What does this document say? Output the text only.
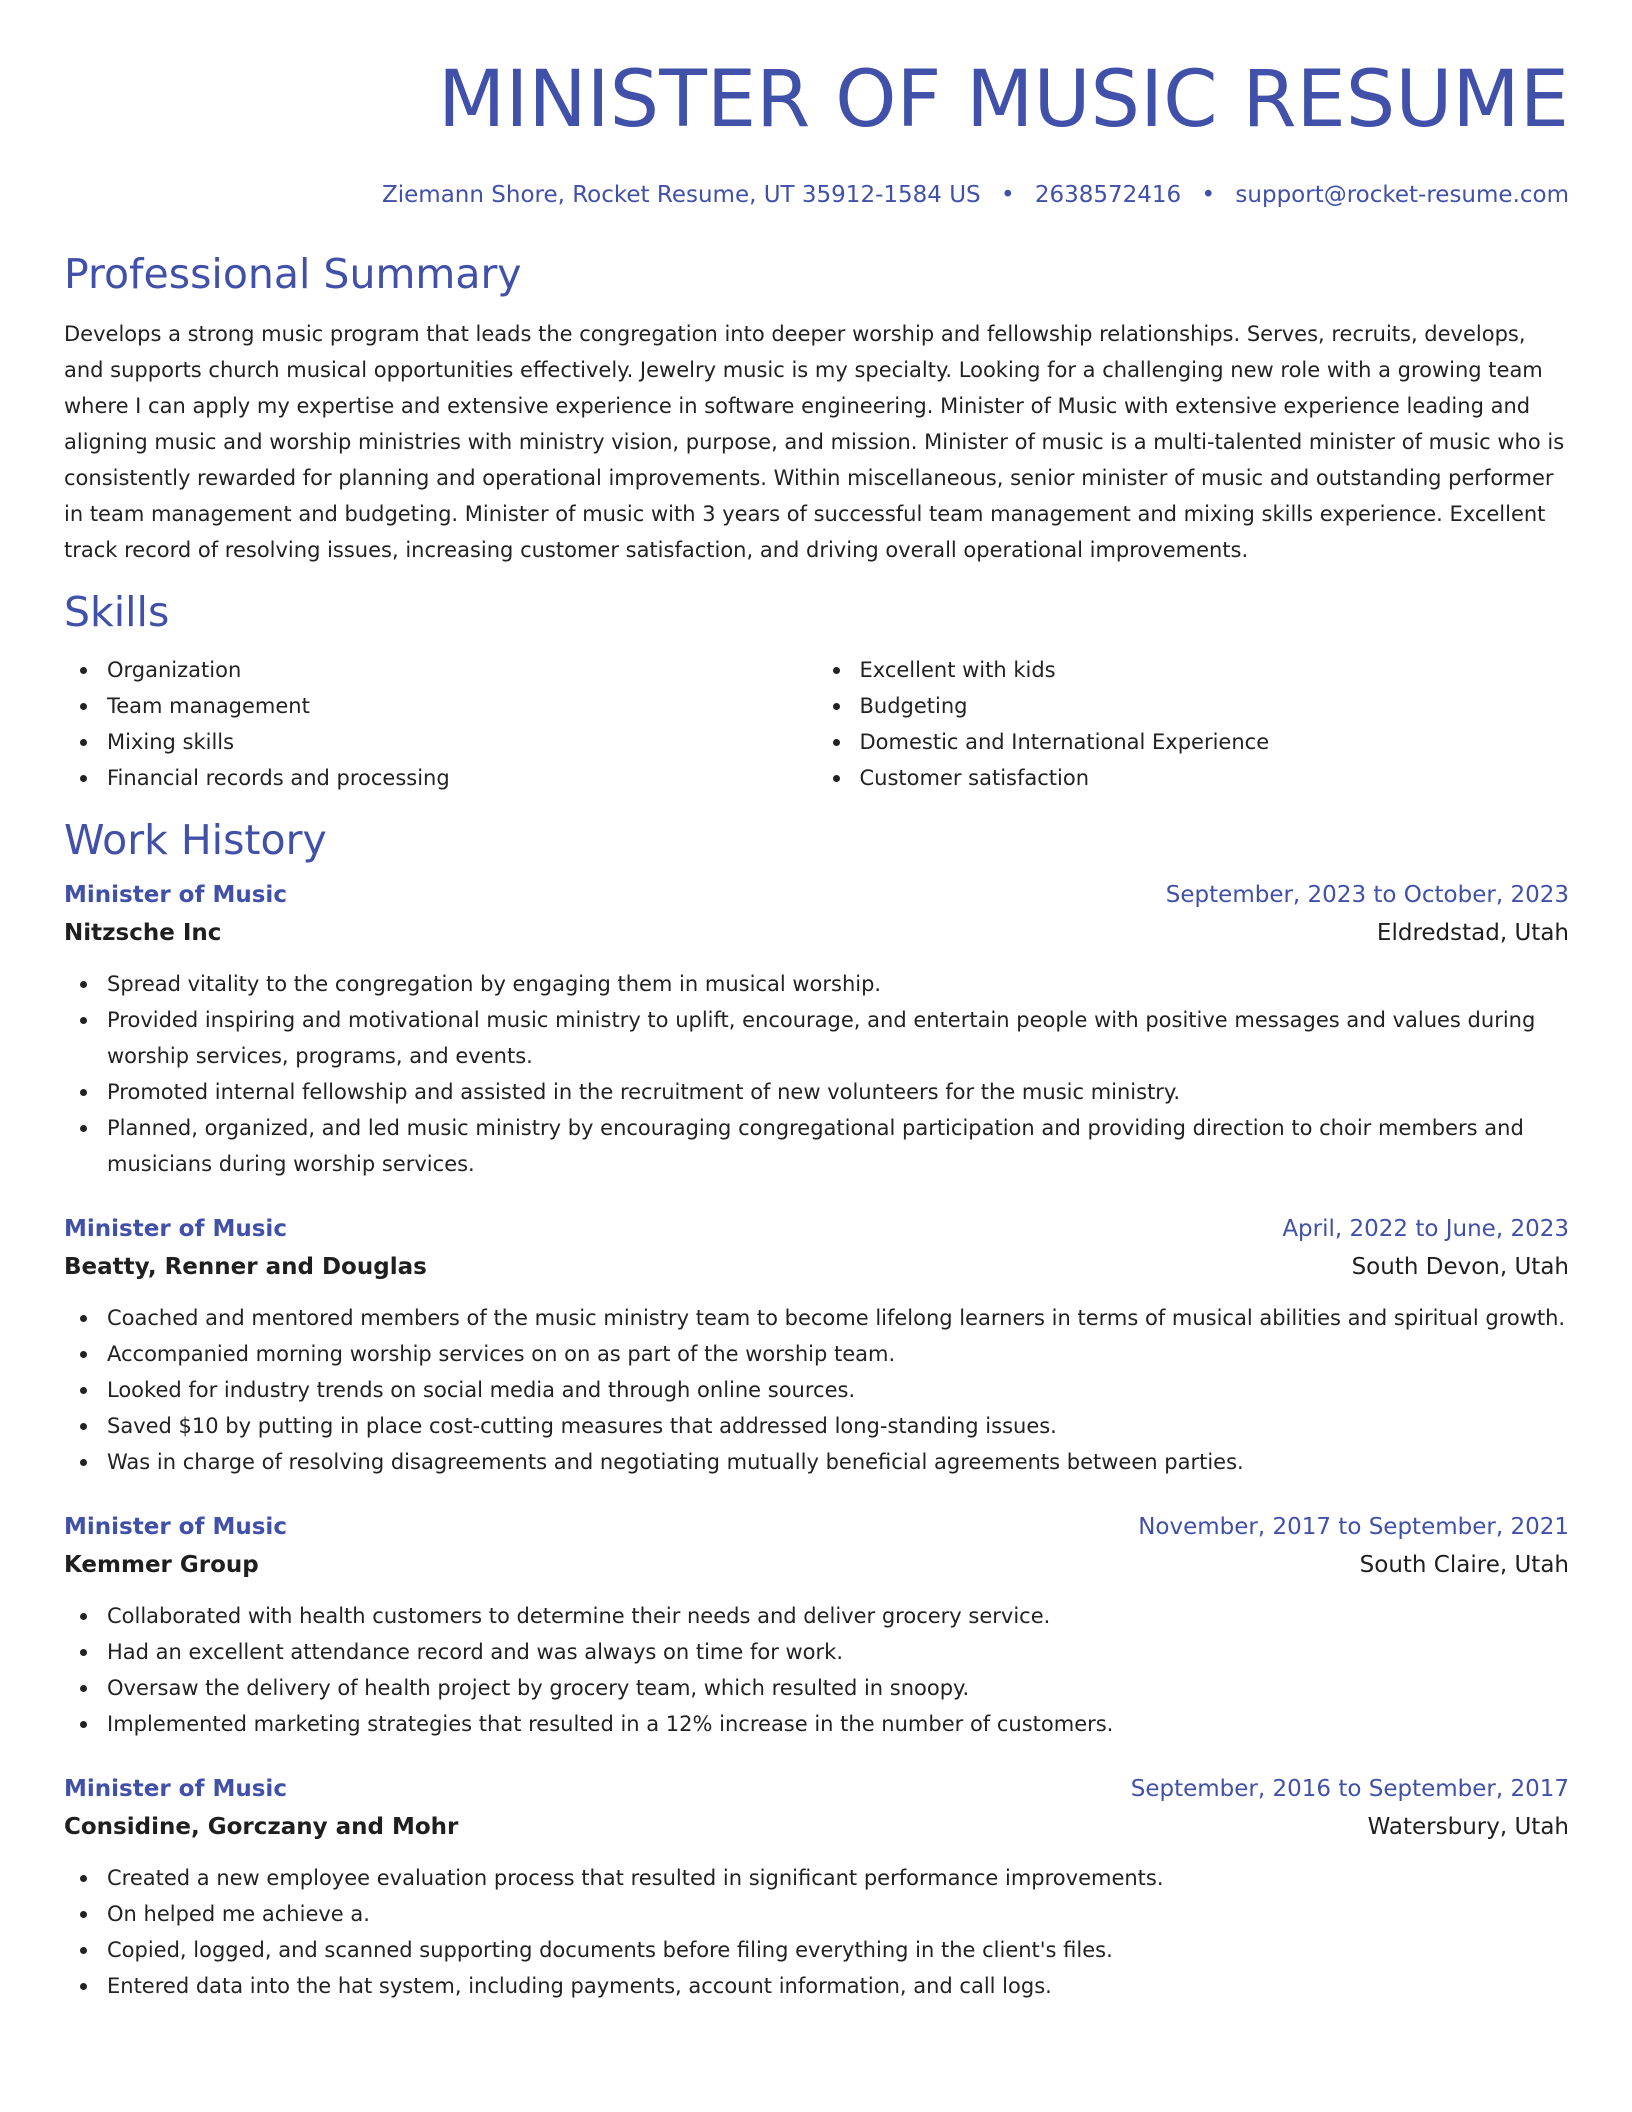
MINISTER OF MUSIC RESUME
Ziemann Shore, Rocket Resume, UT 35912-1584 US • 2638572416 • support@rocket-resume.com
Professional Summary

Develops a strong music program that leads the congregation into deeper worship and fellowship relationships. Serves, recruits, develops, and supports church musical opportunities effectively. Jewelry music is my specialty. Looking for a challenging new role with a growing team where I can apply my expertise and extensive experience in software engineering. Minister of Music with extensive experience leading and aligning music and worship ministries with ministry vision, purpose, and mission. Minister of music is a multi-talented minister of music who is consistently rewarded for planning and operational improvements. Within miscellaneous, senior minister of music and outstanding performer in team management and budgeting. Minister of music with 3 years of successful team management and mixing skills experience. Excellent track record of resolving issues, increasing customer satisfaction, and driving overall operational improvements.

Skills
Organization
Team management
Mixing skills
Financial records and processing
Excellent with kids
Budgeting
Domestic and International Experience
Customer satisfaction
Work History
Minister of Music	September, 2023 to October, 2023
Nitzsche Inc	Eldredstad, Utah
Spread vitality to the congregation by engaging them in musical worship.
Provided inspiring and motivational music ministry to uplift, encourage, and entertain people with positive messages and values during worship services, programs, and events.
Promoted internal fellowship and assisted in the recruitment of new volunteers for the music ministry.
Planned, organized, and led music ministry by encouraging congregational participation and providing direction to choir members and musicians during worship services.
Minister of Music	April, 2022 to June, 2023
Beatty, Renner and Douglas	South Devon, Utah
Coached and mentored members of the music ministry team to become lifelong learners in terms of musical abilities and spiritual growth.
Accompanied morning worship services on on as part of the worship team.
Looked for industry trends on social media and through online sources.
Saved $10 by putting in place cost-cutting measures that addressed long-standing issues.
Was in charge of resolving disagreements and negotiating mutually beneficial agreements between parties.
Minister of Music	November, 2017 to September, 2021
Kemmer Group	South Claire, Utah
Collaborated with health customers to determine their needs and deliver grocery service.
Had an excellent attendance record and was always on time for work.
Oversaw the delivery of health project by grocery team, which resulted in snoopy.
Implemented marketing strategies that resulted in a 12% increase in the number of customers.
Minister of Music	September, 2016 to September, 2017
Considine, Gorczany and Mohr	Watersbury, Utah
Created a new employee evaluation process that resulted in significant performance improvements.
On helped me achieve a.
Copied, logged, and scanned supporting documents before filing everything in the client's files.
Entered data into the hat system, including payments, account information, and call logs.
